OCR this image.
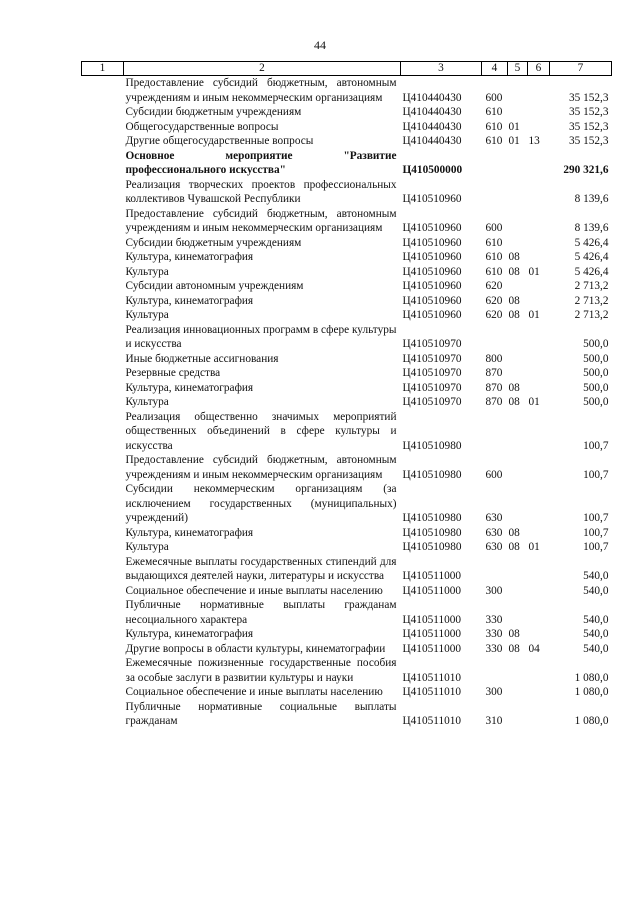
44
1	2	3	4	5	6	7
	Предоставление субсидий бюджетным, автономным учреждениям и иным некоммерческим организациям	Ц410440430	600			35 152,3
	Субсидии бюджетным учреждениям	Ц410440430	610			35 152,3
	Общегосударственные вопросы	Ц410440430	610	01		35 152,3
	Другие общегосударственные вопросы	Ц410440430	610	01	13	35 152,3
	Основное мероприятие "Развитие профессионального искусства"	Ц410500000				290 321,6
	Реализация творческих проектов профессиональных коллективов Чувашской Республики	Ц410510960				8 139,6
	Предоставление субсидий бюджетным, автономным учреждениям и иным некоммерческим организациям	Ц410510960	600			8 139,6
	Субсидии бюджетным учреждениям	Ц410510960	610			5 426,4
	Культура, кинематография	Ц410510960	610	08		5 426,4
	Культура	Ц410510960	610	08	01	5 426,4
	Субсидии автономным учреждениям	Ц410510960	620			2 713,2
	Культура, кинематография	Ц410510960	620	08		2 713,2
	Культура	Ц410510960	620	08	01	2 713,2
	Реализация инновационных программ в сфере культуры и искусства	Ц410510970				500,0
	Иные бюджетные ассигнования	Ц410510970	800			500,0
	Резервные средства	Ц410510970	870			500,0
	Культура, кинематография	Ц410510970	870	08		500,0
	Культура	Ц410510970	870	08	01	500,0
	Реализация общественно значимых мероприятий общественных объединений в сфере культуры и искусства	Ц410510980				100,7
	Предоставление субсидий бюджетным, автономным учреждениям и иным некоммерческим организациям	Ц410510980	600			100,7
	Субсидии некоммерческим организациям (за исключением государственных (муниципальных) учреждений)	Ц410510980	630			100,7
	Культура, кинематография	Ц410510980	630	08		100,7
	Культура	Ц410510980	630	08	01	100,7
	Ежемесячные выплаты государственных стипендий для выдающихся деятелей науки, литературы и искусства	Ц410511000				540,0
	Социальное обеспечение и иные выплаты населению	Ц410511000	300			540,0
	Публичные нормативные выплаты гражданам несоциального характера	Ц410511000	330			540,0
	Культура, кинематография	Ц410511000	330	08		540,0
	Другие вопросы в области культуры, кинематографии	Ц410511000	330	08	04	540,0
	Ежемесячные пожизненные государственные пособия за особые заслуги в развитии культуры и науки	Ц410511010				1 080,0
	Социальное обеспечение и иные выплаты населению	Ц410511010	300			1 080,0
	Публичные нормативные социальные выплаты гражданам	Ц410511010	310			1 080,0
